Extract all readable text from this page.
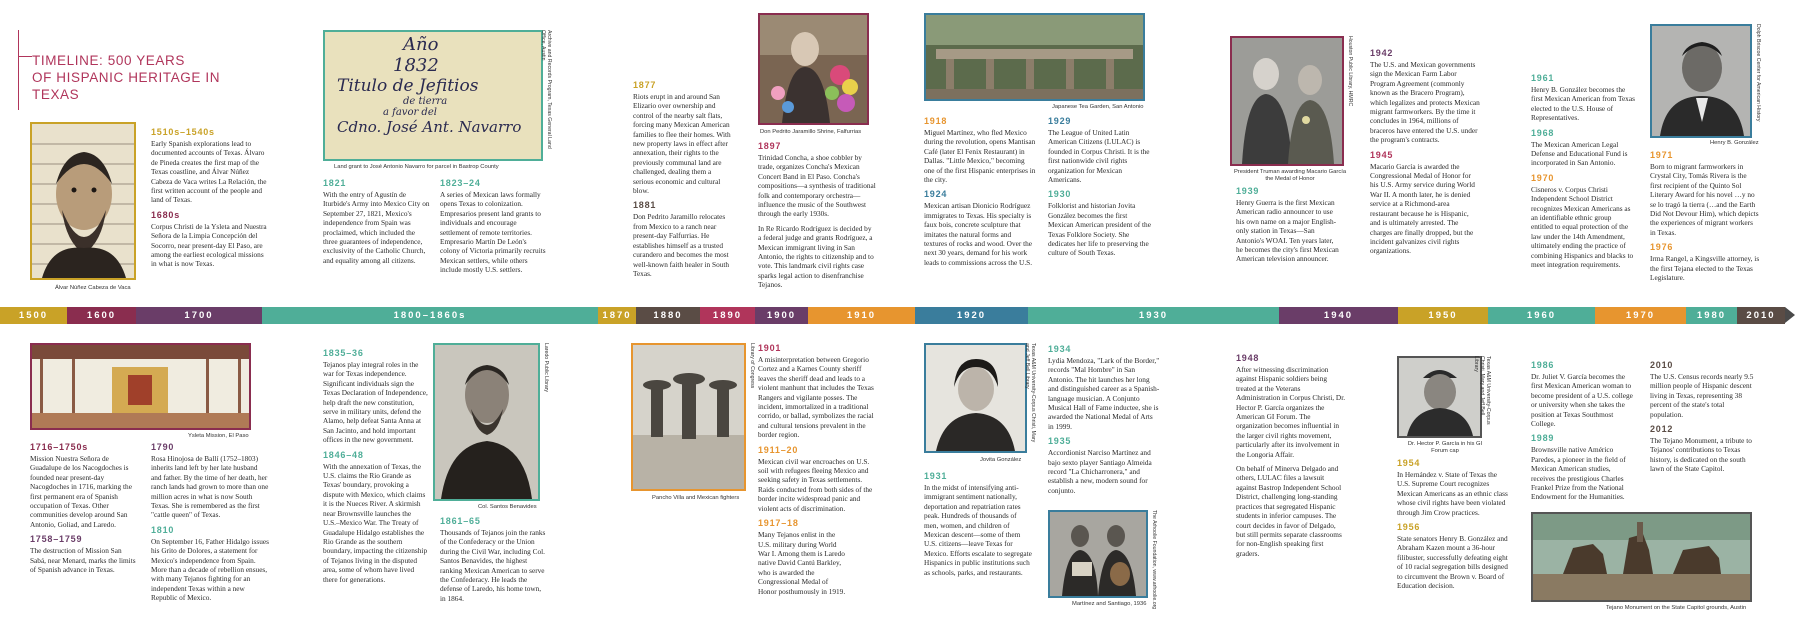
TIMELINE: 500 YEARS
OF HISPANIC HERITAGE IN TEXAS
Álvar Núñez Cabeza de Vaca
Año
1832
Titulo de Jefitios
de tierra
a favor del
Cdno. José Ant. Navarro
Land grant to José Antonio Navarro for parcel in Bastrop County
Archive and Records Program, Texas General Land Office, Austin
Don Pedrito Jaramillo Shrine, Falfurrias
Japanese Tea Garden, San Antonio
Houston Public Library, HMRC
President Truman awarding Macario García the Medal of Honor
Dolph Briscoe Center for American History
Henry B. González
1510s–1540s

Early Spanish explorations lead to documented accounts of Texas. Álvaro de Pineda creates the first map of the Texas coastline, and Álvar Núñez Cabeza de Vaca writes La Relación, the first written account of the people and land of Texas.

1680s

Corpus Christi de la Ysleta and Nuestra Señora de la Limpia Concepción del Socorro, near present-day El Paso, are among the earliest ecological missions in what is now Texas.

1821

With the entry of Agustín de Iturbide's Army into Mexico City on September 27, 1821, Mexico's independence from Spain was proclaimed, which included the three guarantees of independence, exclusivity of the Catholic Church, and equality among all citizens.

1823–24

A series of Mexican laws formally opens Texas to colonization. Empresarios present land grants to individuals and encourage settlement of remote territories. Empresario Martín De León's colony of Victoria primarily recruits Mexican settlers, while others include mostly U.S. settlers.

1877

Riots erupt in and around San Elizario over ownership and control of the nearby salt flats, forcing many Mexican American families to flee their homes. With new property laws in effect after annexation, their rights to the previously communal land are challenged, dealing them a serious economic and cultural blow.

1881

Don Pedrito Jaramillo relocates from Mexico to a ranch near present-day Falfurrias. He establishes himself as a trusted curandero and becomes the most well-known faith healer in South Texas.

1897

Trinidad Concha, a shoe cobbler by trade, organizes Concha's Mexican Concert Band in El Paso. Concha's compositions—a synthesis of traditional folk and contemporary orchestra—influence the music of the Southwest through the early 1930s.

In Re Ricardo Rodríguez is decided by a federal judge and grants Rodríguez, a Mexican immigrant living in San Antonio, the rights to citizenship and to vote. This landmark civil rights case sparks legal action to disenfranchise Tejanos.

1918

Miguel Martínez, who fled Mexico during the revolution, opens Mantisan Café (later El Fenix Restaurant) in Dallas. "Little Mexico," becoming one of the first Hispanic enterprises in the city.

1924

Mexican artisan Dionicio Rodríguez immigrates to Texas. His specialty is faux bois, concrete sculpture that imitates the natural forms and textures of rocks and wood. Over the next 30 years, demand for his work leads to commissions across the U.S.

1929

The League of United Latin American Citizens (LULAC) is founded in Corpus Christi. It is the first nationwide civil rights organization for Mexican Americans.

1930

Folklorist and historian Jovita González becomes the first Mexican American president of the Texas Folklore Society. She dedicates her life to preserving the culture of South Texas.

1939

Henry Guerra is the first Mexican American radio announcer to use his own name on a major English-only station in Texas—San Antonio's WOAI. Ten years later, he becomes the city's first Mexican American television announcer.

1942

The U.S. and Mexican governments sign the Mexican Farm Labor Program Agreement (commonly known as the Bracero Program), which legalizes and protects Mexican migrant farmworkers. By the time it concludes in 1964, millions of braceros have entered the U.S. under the program's contracts.

1945

Macario García is awarded the Congressional Medal of Honor for his U.S. Army service during World War II. A month later, he is denied service at a Richmond-area restaurant because he is Hispanic, and is ultimately arrested. The charges are finally dropped, but the incident galvanizes civil rights organizations.

1961

Henry B. González becomes the first Mexican American from Texas elected to the U.S. House of Representatives.

1968

The Mexican American Legal Defense and Educational Fund is incorporated in San Antonio.

1970

Cisneros v. Corpus Christi Independent School District recognizes Mexican Americans as an identifiable ethnic group entitled to equal protection of the law under the 14th Amendment, ultimately ending the practice of combining Hispanics and blacks to meet integration requirements.

1971

Born to migrant farmworkers in Crystal City, Tomás Rivera is the first recipient of the Quinto Sol Literary Award for his novel …y no se lo tragó la tierra (…and the Earth Did Not Devour Him), which depicts the experiences of migrant workers in Texas.

1976

Irma Rangel, a Kingsville attorney, is the first Tejana elected to the Texas Legislature.

1500	1600	1700	1800–1860s	1870	1880	1890	1900	1910	1920	1930	1940	1950	1960	1970	1980	2010
Ysleta Mission, El Paso
Laredo Public Library
Col. Santos Benavides
Library of Congress
Pancho Villa and Mexican fighters
Texas A&M University-Corpus Christi, Mary and Jeff Bell Library
Jovita González
The Arhoolie Foundation, www.arhoolie.org
Martínez and Santiago, 1936
Texas A&M University-Corpus Christi, Mary and Jeff Bell Library
Dr. Hector P. García in his GI Forum cap
Tejano Monument on the State Capitol grounds, Austin
1716–1750s

Mission Nuestra Señora de Guadalupe de los Nacogdoches is founded near present-day Nacogdoches in 1716, marking the first permanent era of Spanish occupation of Texas. Other communities develop around San Antonio, Goliad, and Laredo.

1758–1759

The destruction of Mission San Sabá, near Menard, marks the limits of Spanish advance in Texas.

1790

Rosa Hinojosa de Ballí (1752–1803) inherits land left by her late husband and father. By the time of her death, her ranch lands had grown to more than one million acres in what is now South Texas. She is remembered as the first "cattle queen" of Texas.

1810

On September 16, Father Hidalgo issues his Grito de Dolores, a statement for Mexico's independence from Spain. More than a decade of rebellion ensues, with many Tejanos fighting for an independent Texas within a new Republic of Mexico.

1835–36

Tejanos play integral roles in the war for Texas independence. Significant individuals sign the Texas Declaration of Independence, help draft the new constitution, serve in military units, defend the Alamo, help defeat Santa Anna at San Jacinto, and hold important offices in the new government.

1846–48

With the annexation of Texas, the U.S. claims the Rio Grande as Texas' boundary, provoking a dispute with Mexico, which claims it is the Nueces River. A skirmish near Brownsville launches the U.S.–Mexico War. The Treaty of Guadalupe Hidalgo establishes the Rio Grande as the southern boundary, impacting the citizenship of Tejanos living in the disputed area, some of whom have lived there for generations.

1861–65

Thousands of Tejanos join the ranks of the Confederacy or the Union during the Civil War, including Col. Santos Benavides, the highest ranking Mexican American to serve the Confederacy. He leads the defense of Laredo, his home town, in 1864.

1901

A misinterpretation between Gregorio Cortez and a Karnes County sheriff leaves the sheriff dead and leads to a violent manhunt that includes the Texas Rangers and vigilante posses. The incident, immortalized in a traditional corrido, or ballad, symbolizes the racial and cultural tensions prevalent in the border region.

1911–20

Mexican civil war encroaches on U.S. soil with refugees fleeing Mexico and seeking safety in Texas settlements. Raids conducted from both sides of the border incite widespread panic and violent acts of discrimination.

1917–18

Many Tejanos enlist in the U.S. military during World War I. Among them is Laredo native David Cantú Barkley, who is awarded the Congressional Medal of Honor posthumously in 1919.

1931

In the midst of intensifying anti-immigrant sentiment nationally, deportation and repatriation rates peak. Hundreds of thousands of men, women, and children of Mexican descent—some of them U.S. citizens—leave Texas for Mexico. Efforts escalate to segregate Hispanics in public institutions such as schools, parks, and restaurants.

1934

Lydia Mendoza, "Lark of the Border," records "Mal Hombre" in San Antonio. The hit launches her long and distinguished career as a Spanish-language musician. A Conjunto Musical Hall of Fame inductee, she is awarded the National Medal of Arts in 1999.

1935

Accordionist Narciso Martínez and bajo sexto player Santiago Almeida record "La Chicharronera," and establish a new, modern sound for conjunto.

1948

After witnessing discrimination against Hispanic soldiers being treated at the Veterans Administration in Corpus Christi, Dr. Hector P. García organizes the American GI Forum. The organization becomes influential in the larger civil rights movement, particularly after its involvement in the Longoria Affair.

On behalf of Minerva Delgado and others, LULAC files a lawsuit against Bastrop Independent School District, challenging long-standing practices that segregated Hispanic students in inferior campuses. The court decides in favor of Delgado, but still permits separate classrooms for non-English speaking first graders.

1954

In Hernández v. State of Texas the U.S. Supreme Court recognizes Mexican Americans as an ethnic class whose civil rights have been violated through Jim Crow practices.

1956

State senators Henry B. González and Abraham Kazen mount a 36-hour filibuster, successfully defeating eight of 10 racial segregation bills designed to circumvent the Brown v. Board of Education decision.

1986

Dr. Juliet V. García becomes the first Mexican American woman to become president of a U.S. college or university when she takes the position at Texas Southmost College.

1989

Brownsville native Américo Paredes, a pioneer in the field of Mexican American studies, receives the prestigious Charles Frankel Prize from the National Endowment for the Humanities.

2010

The U.S. Census records nearly 9.5 million people of Hispanic descent living in Texas, representing 38 percent of the state's total population.

2012

The Tejano Monument, a tribute to Tejanos' contributions to Texas history, is dedicated on the south lawn of the State Capitol.
